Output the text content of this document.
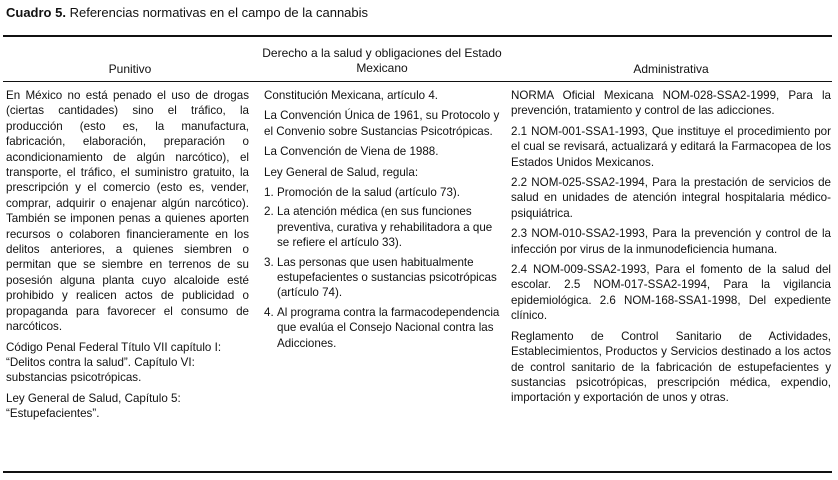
Cuadro 5. Referencias normativas en el campo de la cannabis
Punitivo
Derecho a la salud y obligaciones del Estado Mexicano	Administrativa

En México no está penado el uso de drogas (ciertas cantidades) sino el tráfico, la producción (esto es, la manufactura, fabricación, elaboración, preparación o acondicionamiento de algún narcótico), el transporte, el tráfico, el suministro gratuito, la prescripción y el comercio (esto es, vender, comprar, adquirir o enajenar algún narcótico). También se imponen penas a quienes aporten recursos o colaboren financieramente en los delitos anteriores, a quienes siembren o permitan que se siembre en terrenos de su posesión alguna planta cuyo alcaloide esté prohibido y realicen actos de publicidad o propaganda para favorecer el consumo de narcóticos.

Código Penal Federal Título VII capítulo I: “Delitos contra la salud”. Capítulo VI: substancias psicotrópicas.

Ley General de Salud, Capítulo 5: “Estupefacientes”.

Constitución Mexicana, artículo 4.

La Convención Única de 1961, su Protocolo y el Convenio sobre Sustancias Psicotrópicas.

La Convención de Viena de 1988.

Ley General de Salud, regula:

1. Promoción de la salud (artículo 73).
2. La atención médica (en sus funciones preventiva, curativa y rehabilitadora a que se refiere el artículo 33).
3. Las personas que usen habitualmente estupefacientes o sustancias psicotrópicas (artículo 74).
4. Al programa contra la farmacodependencia que evalúa el Consejo Nacional contra las Adicciones.

NORMA Oficial Mexicana NOM-028-SSA2-1999, Para la prevención, tratamiento y control de las adicciones.

2.1 NOM-001-SSA1-1993, Que instituye el procedimiento por el cual se revisará, actualizará y editará la Farmacopea de los Estados Unidos Mexicanos.

2.2 NOM-025-SSA2-1994, Para la prestación de servicios de salud en unidades de atención integral hospitalaria médico-psiquiátrica.

2.3 NOM-010-SSA2-1993, Para la prevención y control de la infección por virus de la inmunodeficiencia humana.

2.4 NOM-009-SSA2-1993, Para el fomento de la salud del escolar. 2.5 NOM-017-SSA2-1994, Para la vigilancia epidemiológica. 2.6 NOM-168-SSA1-1998, Del expediente clínico.

Reglamento de Control Sanitario de Actividades, Establecimientos, Productos y Servicios destinado a los actos de control sanitario de la fabricación de estupefacientes y sustancias psicotrópicas, prescripción médica, expendio, importación y exportación de unos y otras.
